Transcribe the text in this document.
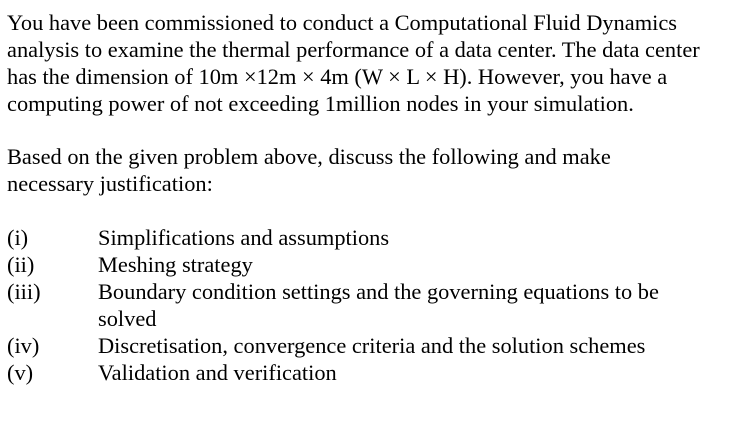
You have been commissioned to conduct a Computational Fluid Dynamics analysis to examine the thermal performance of a data center. The data center has the dimension of 10m ×12m × 4m (W × L × H). However, you have a computing power of not exceeding 1million nodes in your simulation.

Based on the given problem above, discuss the following and make necessary justification:

(i)	Simplifications and assumptions
(ii)	Meshing strategy
(iii)	Boundary condition settings and the governing equations to be solved
(iv)	Discretisation, convergence criteria and the solution schemes
(v)	Validation and verification
